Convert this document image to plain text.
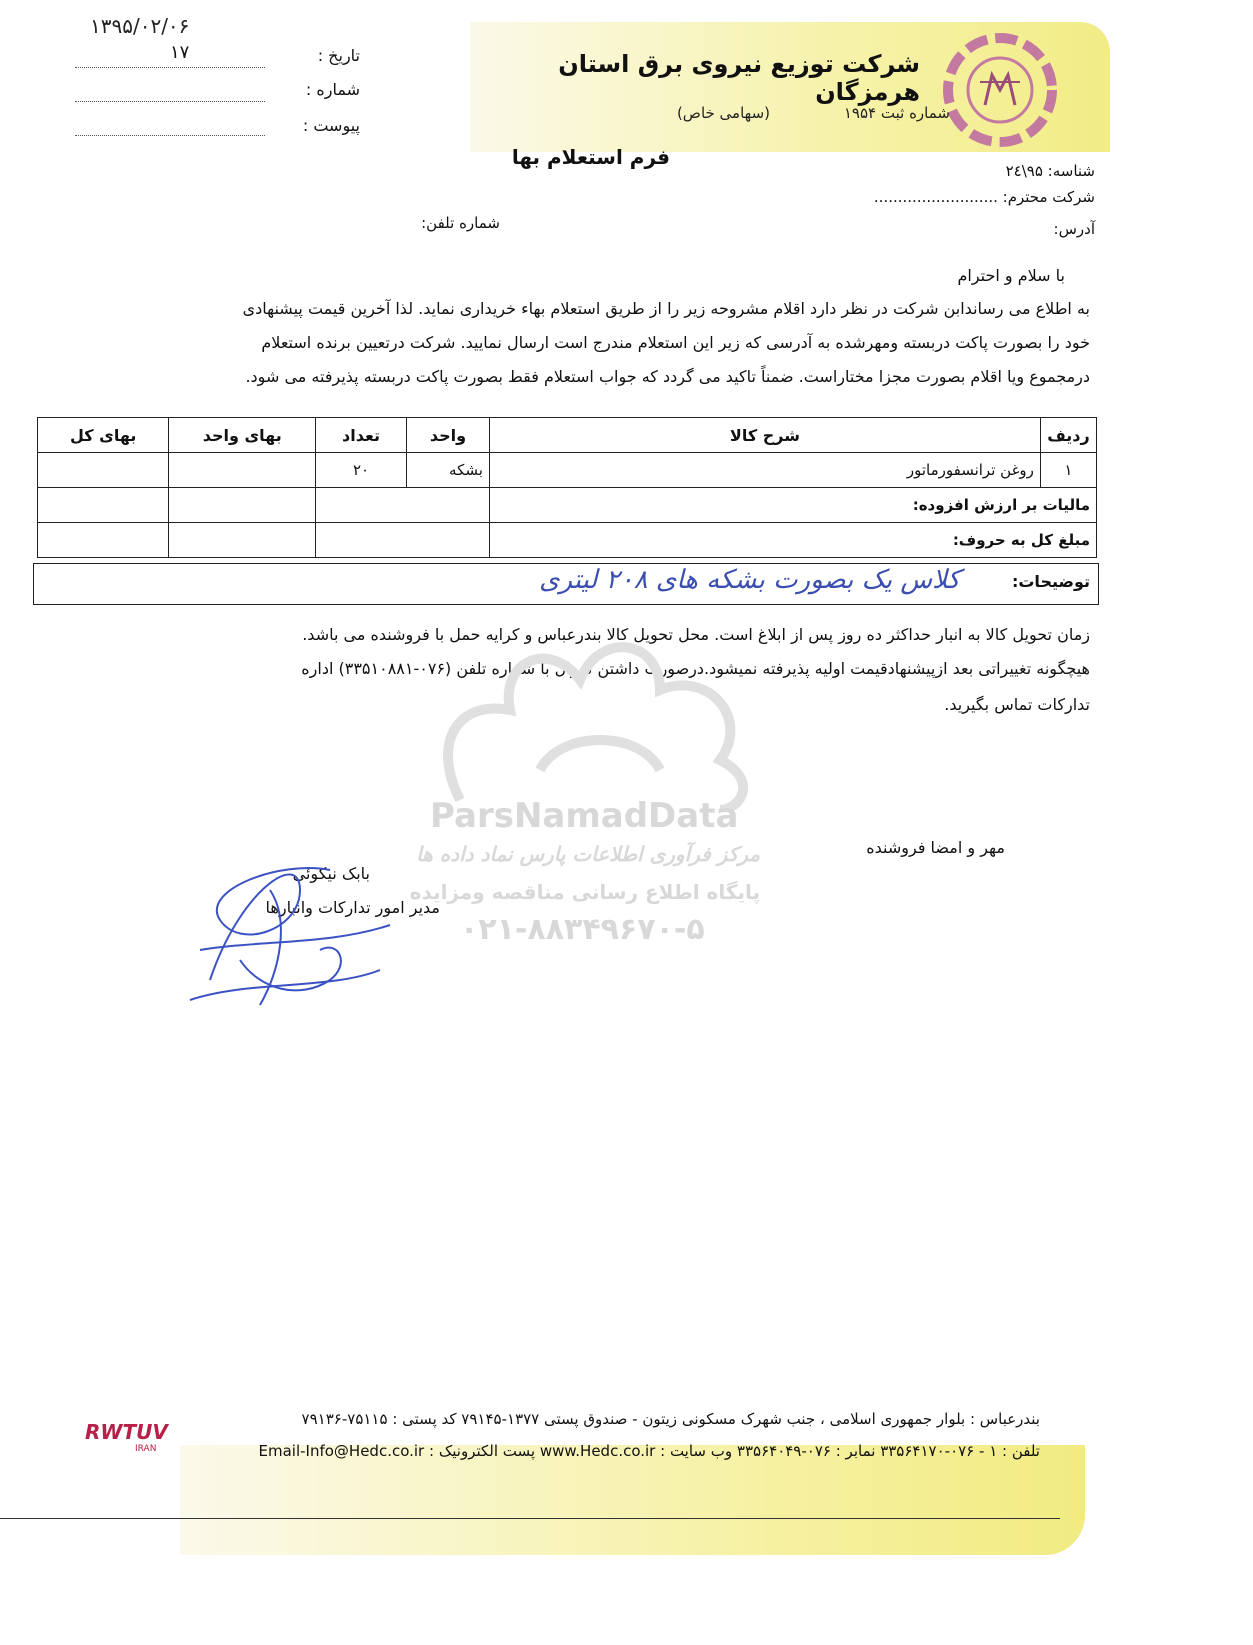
شرکت توزیع نیروی برق استان هرمزگان
شماره ثبت ۱۹۵۴
(سهامی خاص)
فرم استعلام بها
۱۳۹۵/۰۲/۰۶
تاریخ :
۱۷
شماره :
پیوست :
شناسه: ۹۵\۲٤
شرکت محترم: ..........................
آدرس:
شماره تلفن:
با سلام و احترام
به اطلاع می رساندابن شرکت در نظر دارد اقلام مشروحه زیر را از طریق استعلام بهاء خریداری نماید. لذا آخرین قیمت پیشنهادی
خود را بصورت پاکت دربسته ومهرشده به آدرسی که زیر این استعلام مندرج است ارسال نمایید. شرکت درتعیین برنده استعلام
درمجموع ویا اقلام بصورت مجزا مختاراست. ضمناً تاکید می گردد که جواب استعلام فقط بصورت پاکت دربسته پذیرفته می شود.
ردیف	شرح کالا	واحد	تعداد	بهای واحد	بهای کل
۱	روغن ترانسفورماتور	بشکه	۲۰		
مالیات بر ارزش افزوده:					
مبلغ کل به حروف:					
توضیحات:
کلاس یک بصورت بشکه های ۲۰۸ لیتری
زمان تحویل کالا به انبار حداکثر ده روز پس از ابلاغ است. محل تحویل کالا بندرعباس و کرایه حمل با فروشنده می باشد.
هیچگونه تغییراتی بعد ازپیشنهادقیمت اولیه پذیرفته نمیشود.درصورت داشتن سوال با شماره تلفن (۰۷۶-۳۳۵۱۰۸۸۱) اداره
تدارکات تماس بگیرید.
ParsNamadData
مرکز فرآوری اطلاعات پارس نماد داده ها
پایگاه اطلاع رسانی مناقصه ومزایده
۰۲۱-۸۸۳۴۹۶۷۰-۵
مهر و امضا فروشنده
بابک نیکوئی
مدیر امور تدارکات وانبارها
بندرعباس : بلوار جمهوری اسلامی ، جنب شهرک مسکونی زیتون - صندوق پستی ۱۳۷۷-۷۹۱۴۵ کد پستی : ۷۵۱۱۵-۷۹۱۳۶
تلفن : ۱ - ۰۷۶-۳۳۵۶۴۱۷۰ نمابر : ۰۷۶-۳۳۵۶۴۰۴۹ وب سایت : www.Hedc.co.ir پست الکترونیک : Email-Info@Hedc.co.ir
RWTUV
IRAN
